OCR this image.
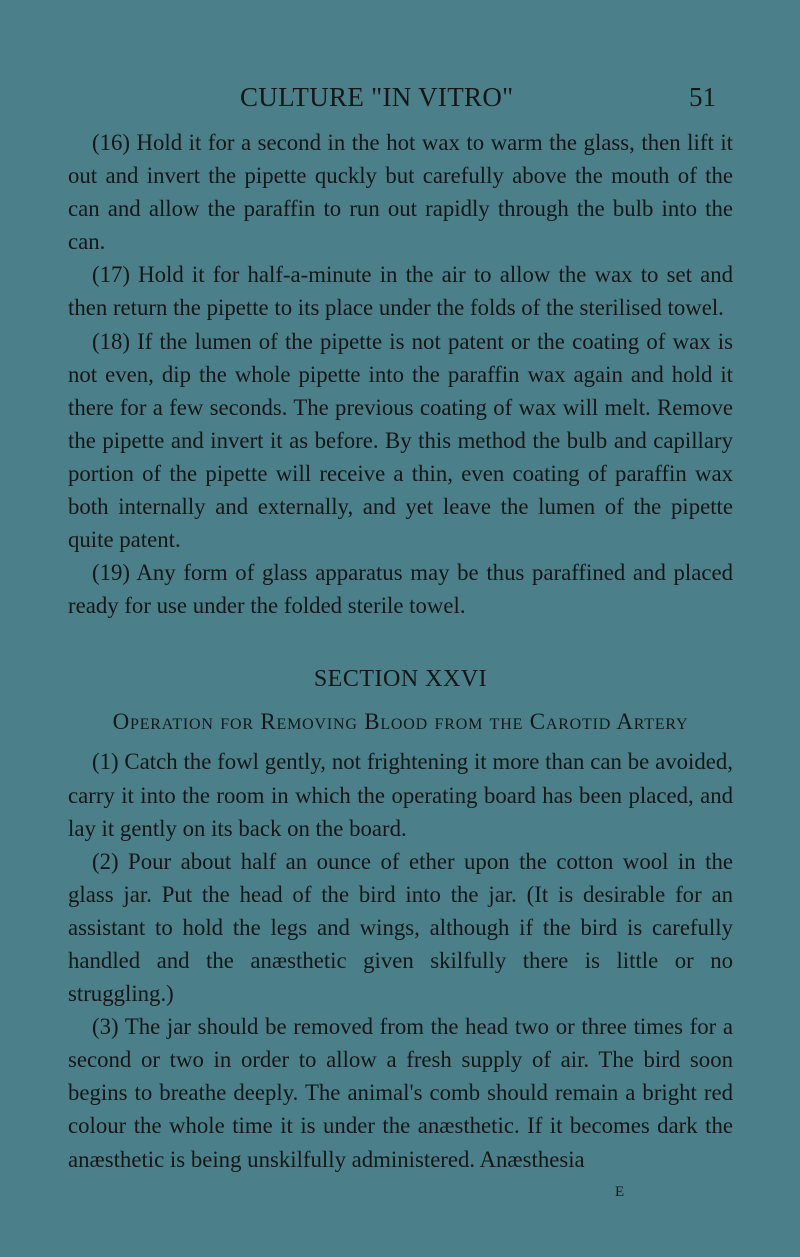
CULTURE "IN VITRO"	51

(16) Hold it for a second in the hot wax to warm the glass, then lift it out and invert the pipette quckly but carefully above the mouth of the can and allow the paraffin to run out rapidly through the bulb into the can.

(17) Hold it for half-a-minute in the air to allow the wax to set and then return the pipette to its place under the folds of the sterilised towel.

(18) If the lumen of the pipette is not patent or the coating of wax is not even, dip the whole pipette into the paraffin wax again and hold it there for a few seconds. The previous coating of wax will melt. Remove the pipette and invert it as before. By this method the bulb and capillary portion of the pipette will receive a thin, even coating of paraffin wax both internally and externally, and yet leave the lumen of the pipette quite patent.

(19) Any form of glass apparatus may be thus paraffined and placed ready for use under the folded sterile towel.

SECTION XXVI
Operation for Removing Blood from the Carotid Artery

(1) Catch the fowl gently, not frightening it more than can be avoided, carry it into the room in which the operating board has been placed, and lay it gently on its back on the board.

(2) Pour about half an ounce of ether upon the cotton wool in the glass jar. Put the head of the bird into the jar. (It is desirable for an assistant to hold the legs and wings, although if the bird is carefully handled and the anæsthetic given skilfully there is little or no struggling.)

(3) The jar should be removed from the head two or three times for a second or two in order to allow a fresh supply of air. The bird soon begins to breathe deeply. The animal's comb should remain a bright red colour the whole time it is under the anæsthetic. If it becomes dark the anæsthetic is being unskilfully administered. Anæsthesia

E
